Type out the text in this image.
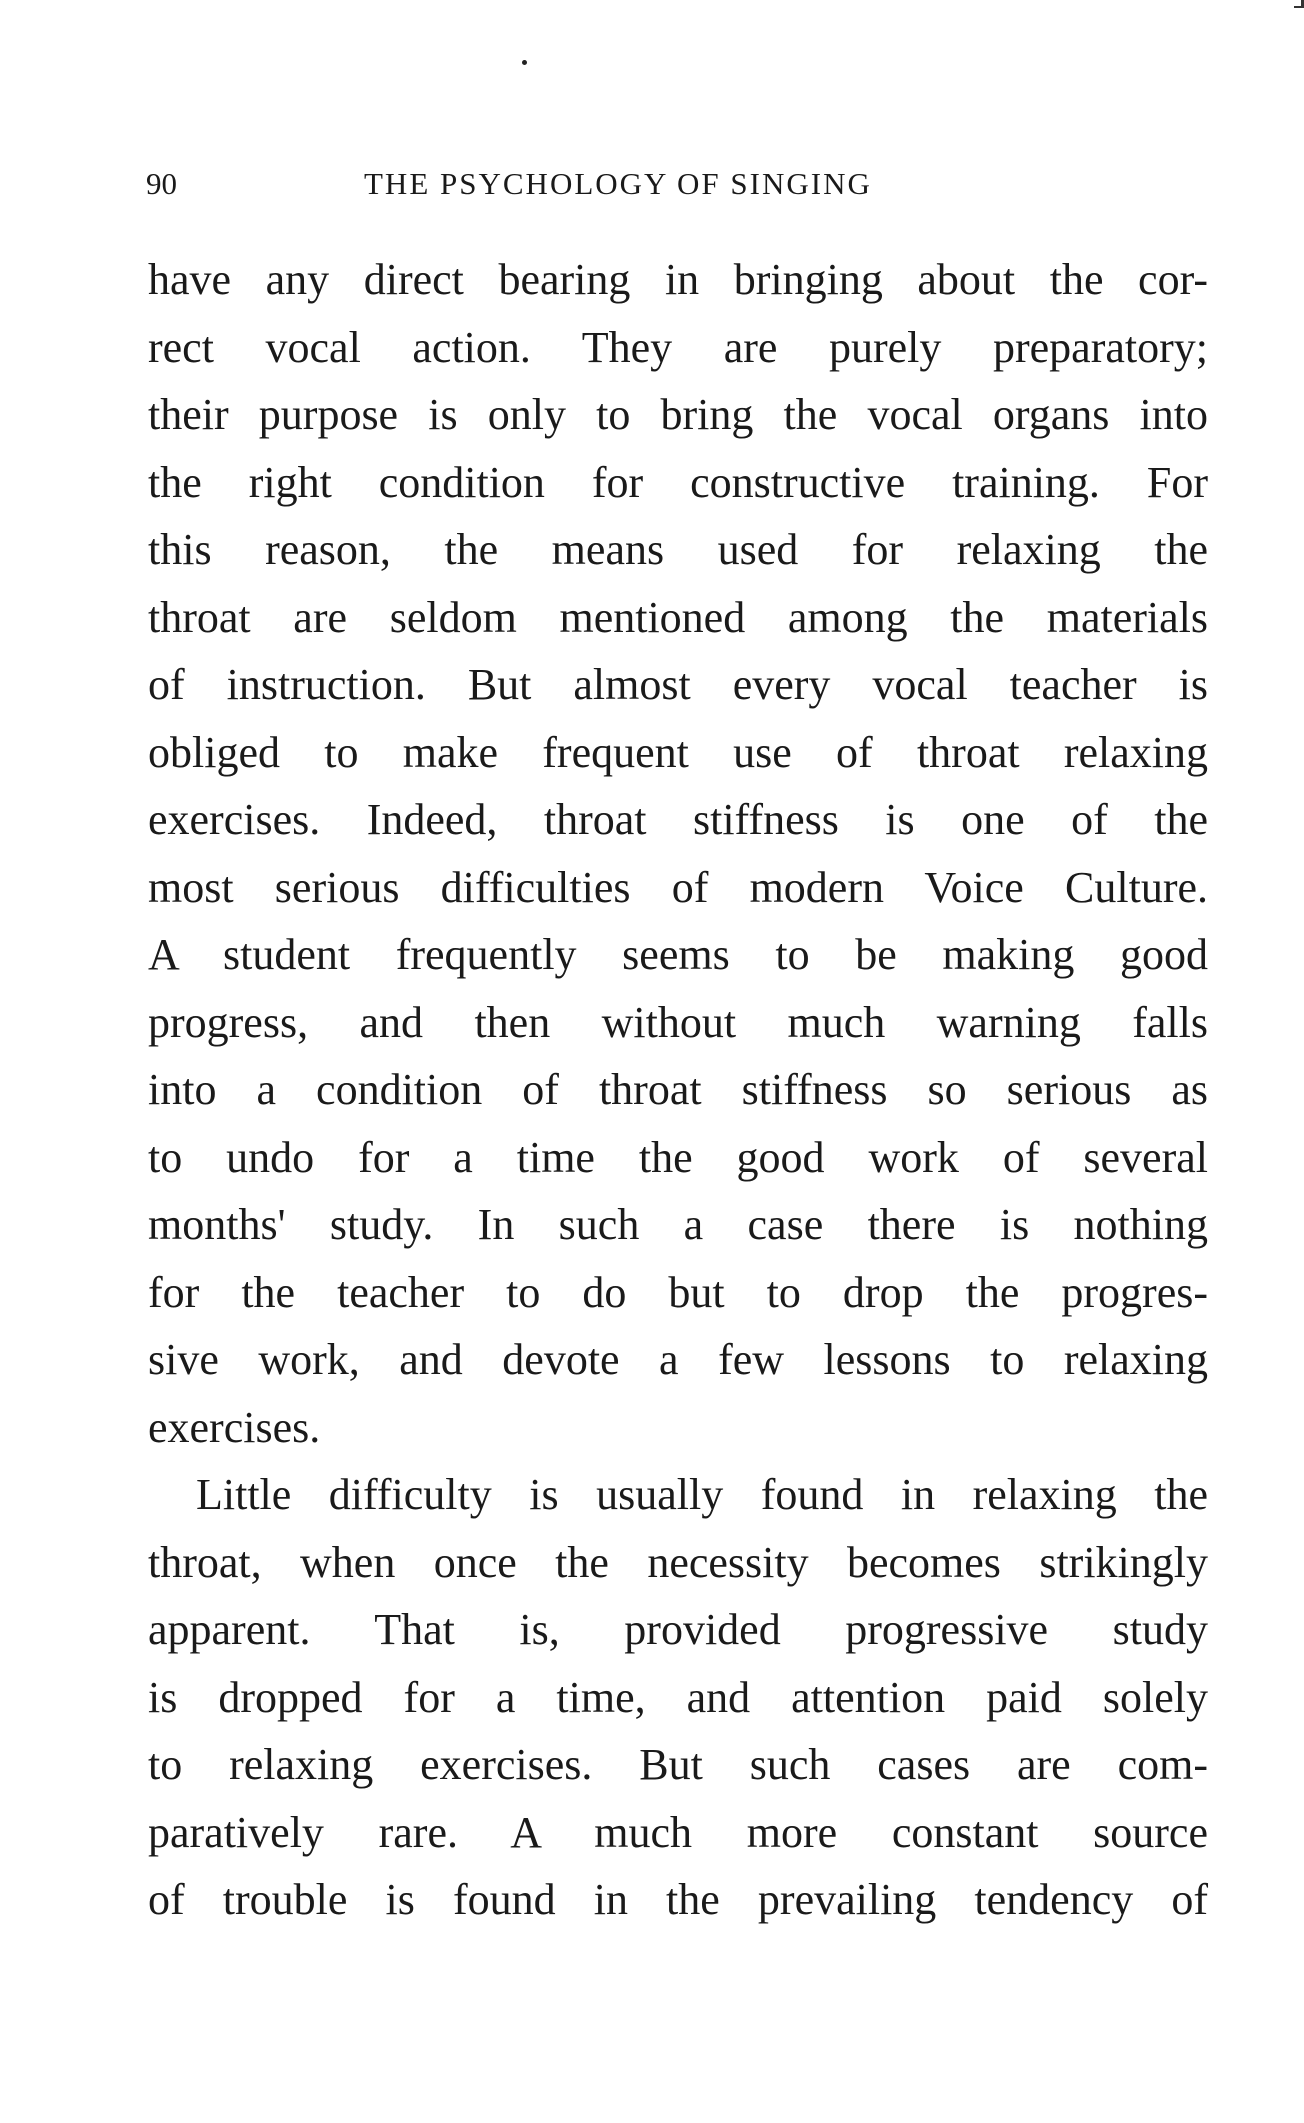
90	THE PSYCHOLOGY OF SINGING
have any direct bearing in bringing about the cor-
rect vocal action. They are purely preparatory;
their purpose is only to bring the vocal organs into
the right condition for constructive training. For
this reason, the means used for relaxing the
throat are seldom mentioned among the materials
of instruction. But almost every vocal teacher is
obliged to make frequent use of throat relaxing
exercises. Indeed, throat stiffness is one of the
most serious difficulties of modern Voice Culture.
A student frequently seems to be making good
progress, and then without much warning falls
into a condition of throat stiffness so serious as
to undo for a time the good work of several
months' study. In such a case there is nothing
for the teacher to do but to drop the progres-
sive work, and devote a few lessons to relaxing
exercises.
Little difficulty is usually found in relaxing the
throat, when once the necessity becomes strikingly
apparent. That is, provided progressive study
is dropped for a time, and attention paid solely
to relaxing exercises. But such cases are com-
paratively rare. A much more constant source
of trouble is found in the prevailing tendency of
